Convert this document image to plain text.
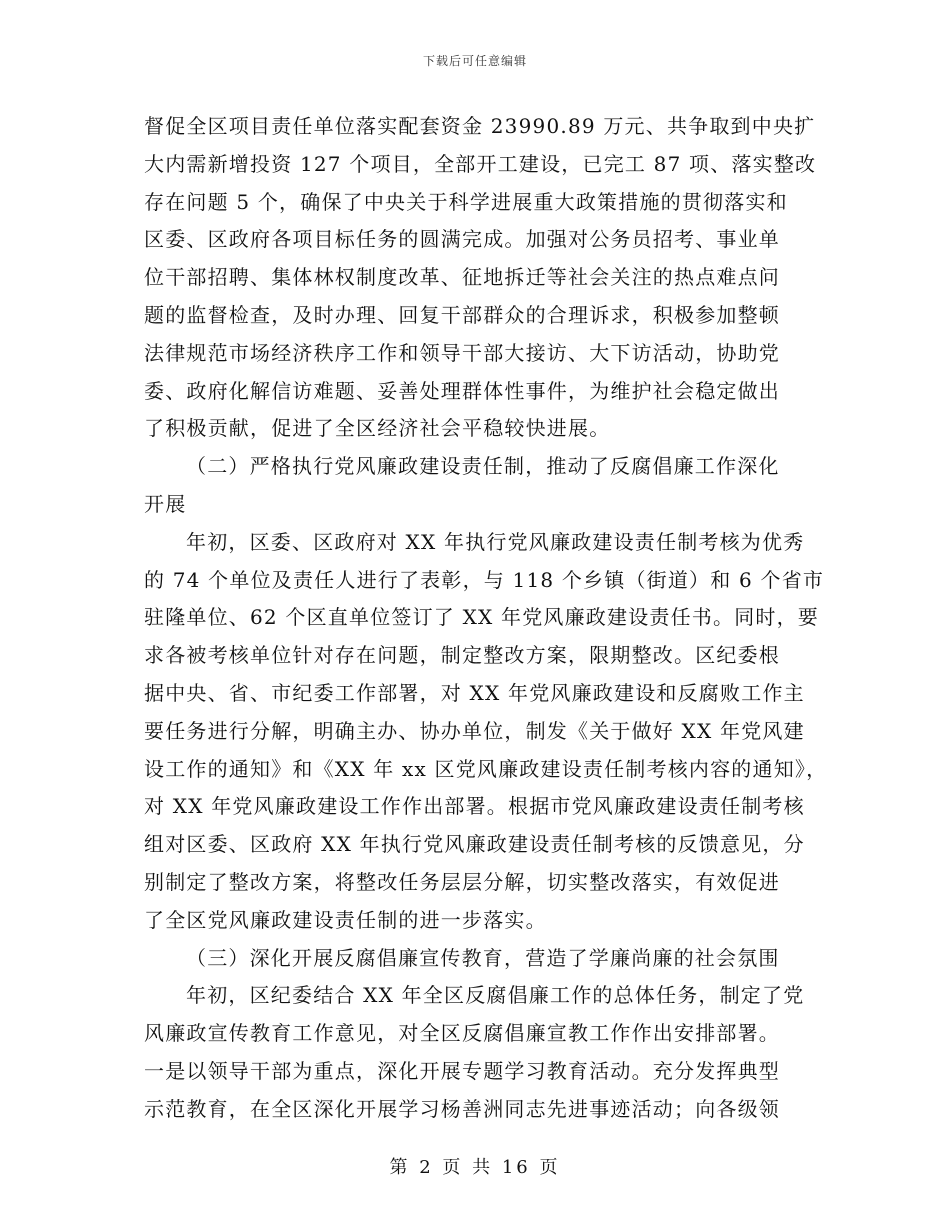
下载后可任意编辑
督促全区项目责任单位落实配套资金 23990.89 万元、共争取到中央扩
大内需新增投资 127 个项目，全部开工建设，已完工 87 项、落实整改
存在问题 5 个，确保了中央关于科学进展重大政策措施的贯彻落实和
区委、区政府各项目标任务的圆满完成。加强对公务员招考、事业单
位干部招聘、集体林权制度改革、征地拆迁等社会关注的热点难点问
题的监督检查，及时办理、回复干部群众的合理诉求，积极参加整顿
法律规范市场经济秩序工作和领导干部大接访、大下访活动，协助党
委、政府化解信访难题、妥善处理群体性事件，为维护社会稳定做出
了积极贡献，促进了全区经济社会平稳较快进展。
（二）严格执行党风廉政建设责任制，推动了反腐倡廉工作深化
开展
年初，区委、区政府对 XX 年执行党风廉政建设责任制考核为优秀
的 74 个单位及责任人进行了表彰，与 118 个乡镇（街道）和 6 个省市
驻隆单位、62 个区直单位签订了 XX 年党风廉政建设责任书。同时，要
求各被考核单位针对存在问题，制定整改方案，限期整改。区纪委根
据中央、省、市纪委工作部署，对 XX 年党风廉政建设和反腐败工作主
要任务进行分解，明确主办、协办单位，制发《关于做好 XX 年党风建
设工作的通知》和《XX 年 xx 区党风廉政建设责任制考核内容的通知》，
对 XX 年党风廉政建设工作作出部署。根据市党风廉政建设责任制考核
组对区委、区政府 XX 年执行党风廉政建设责任制考核的反馈意见，分
别制定了整改方案，将整改任务层层分解，切实整改落实，有效促进
了全区党风廉政建设责任制的进一步落实。
（三）深化开展反腐倡廉宣传教育，营造了学廉尚廉的社会氛围
年初，区纪委结合 XX 年全区反腐倡廉工作的总体任务，制定了党
风廉政宣传教育工作意见，对全区反腐倡廉宣教工作作出安排部署。
一是以领导干部为重点，深化开展专题学习教育活动。充分发挥典型
示范教育，在全区深化开展学习杨善洲同志先进事迹活动；向各级领
第 2 页 共 16 页
